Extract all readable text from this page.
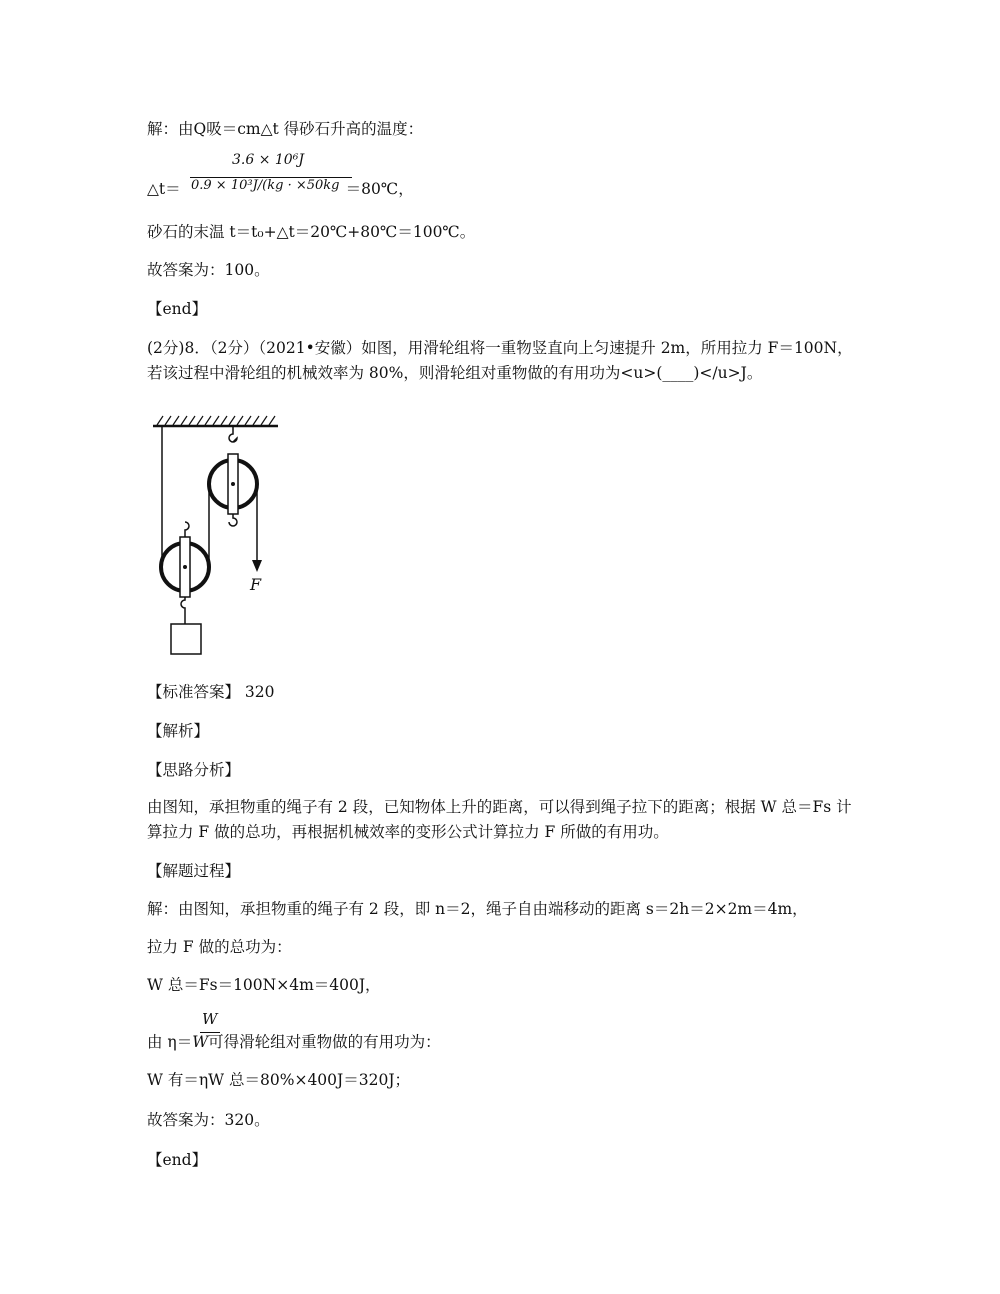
解：由Q吸＝cm△t 得砂石升高的温度：
3.6 × 10⁶J
△t＝	＝80℃，
0.9 × 10³J/(kg · ×50kg
砂石的末温 t＝t₀+△t＝20℃+80℃＝100℃。
故答案为：100。
【end】
(2分)8．（2分）（2021•安徽）如图，用滑轮组将一重物竖直向上匀速提升 2m，所用拉力 F＝100N，若该过程中滑轮组的机械效率为 80%，则滑轮组对重物做的有用功为<u>(____)</u>J。
F
【标准答案】 320
【解析】
【思路分析】
由图知，承担物重的绳子有 2 段，已知物体上升的距离，可以得到绳子拉下的距离；根据 W 总＝Fs 计算拉力 F 做的总功，再根据机械效率的变形公式计算拉力 F 所做的有用功。
【解题过程】
解：由图知，承担物重的绳子有 2 段，即 n＝2，绳子自由端移动的距离 s＝2h＝2×2m＝4m，
拉力 F 做的总功为：
W 总＝Fs＝100N×4m＝400J，
W
由 η＝W可得滑轮组对重物做的有用功为：
W 有＝ηW 总＝80%×400J＝320J；
故答案为：320。
【end】
